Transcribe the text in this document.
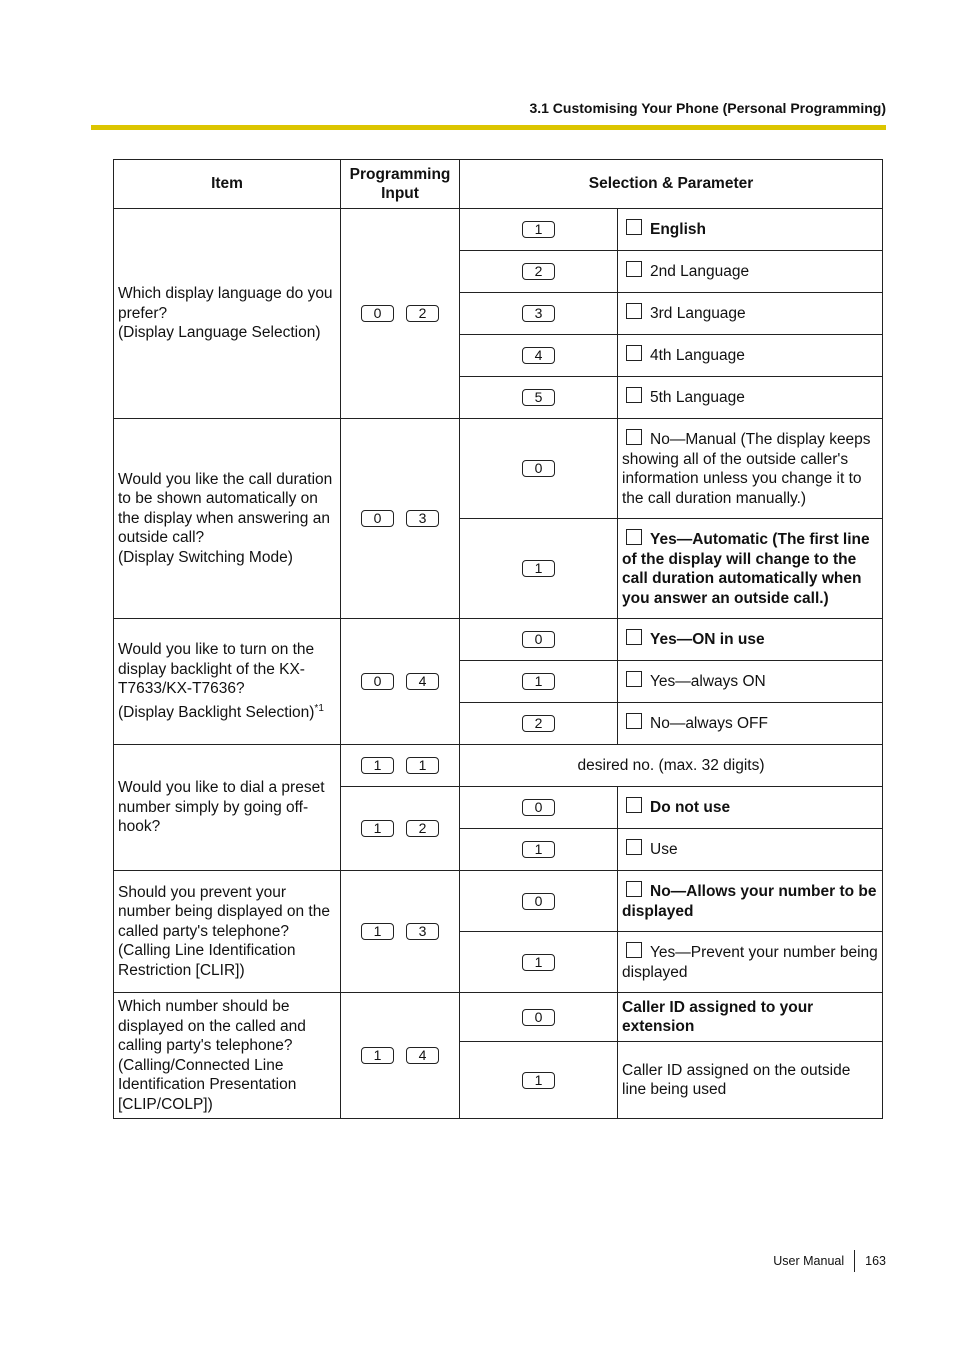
3.1 Customising Your Phone (Personal Programming)
Item	Programming Input	Selection & Parameter	
Which display language do you prefer?
(Display Language Selection)	0 2	1	English
		2	2nd Language
		3	3rd Language
		4	4th Language
		5	5th Language
Would you like the call duration to be shown automatically on the display when answering an outside call?
(Display Switching Mode)	0 3	0	No—Manual (The display keeps showing all of the outside caller's information unless you change it to the call duration manually.)
		1	Yes—Automatic (The first line of the display will change to the call duration automatically when you answer an outside call.)
Would you like to turn on the display backlight of the KX-T7633/KX-T7636?
(Display Backlight Selection)$^{*1}$	0 4	0	Yes—ON in use
		1	Yes—always ON
		2	No—always OFF
Would you like to dial a preset number simply by going off-hook?	1 1	desired no. (max. 32 digits)	
	1 2	0	Do not use
		1	Use
Should you prevent your number being displayed on the called party's telephone?
(Calling Line Identification Restriction [CLIR])	1 3	0	No—Allows your number to be displayed
		1	Yes—Prevent your number being displayed
Which number should be displayed on the called and calling party's telephone?
(Calling/Connected Line Identification Presentation [CLIP/COLP])	1 4	0	Caller ID assigned to your extension
		1	Caller ID assigned on the outside line being used
User Manual 163
